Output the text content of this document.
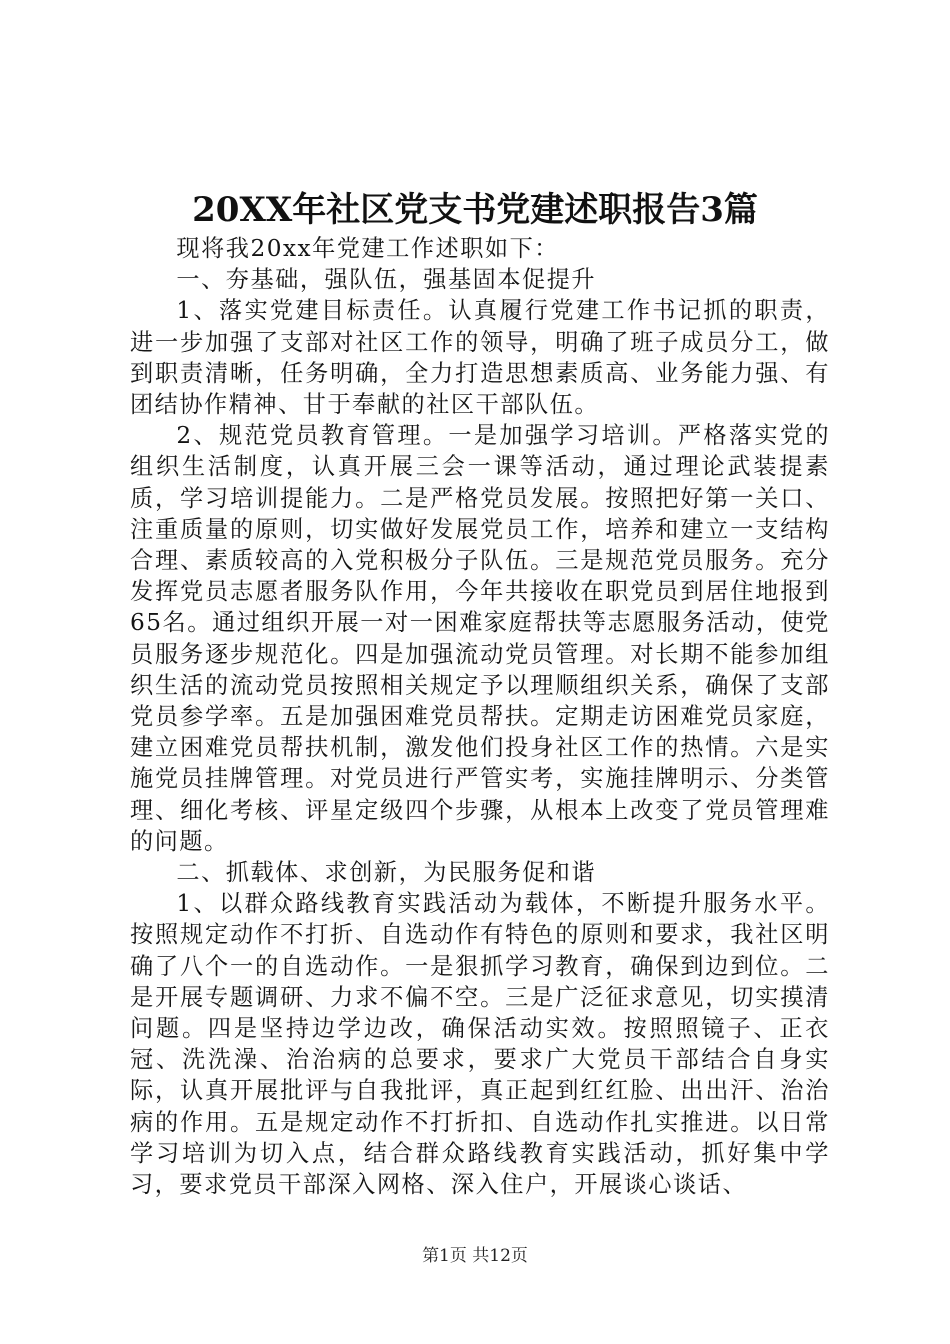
20XX年社区党支书党建述职报告3篇

现将我20xx年党建工作述职如下：

一、夯基础，强队伍，强基固本促提升

1、落实党建目标责任。认真履行党建工作书记抓的职责，进一步加强了支部对社区工作的领导，明确了班子成员分工，做到职责清晰，任务明确，全力打造思想素质高、业务能力强、有团结协作精神、甘于奉献的社区干部队伍。

2、规范党员教育管理。一是加强学习培训。严格落实党的组织生活制度，认真开展三会一课等活动，通过理论武装提素质，学习培训提能力。二是严格党员发展。按照把好第一关口、注重质量的原则，切实做好发展党员工作，培养和建立一支结构合理、素质较高的入党积极分子队伍。三是规范党员服务。充分发挥党员志愿者服务队作用，今年共接收在职党员到居住地报到65名。通过组织开展一对一困难家庭帮扶等志愿服务活动，使党员服务逐步规范化。四是加强流动党员管理。对长期不能参加组织生活的流动党员按照相关规定予以理顺组织关系，确保了支部党员参学率。五是加强困难党员帮扶。定期走访困难党员家庭，建立困难党员帮扶机制，激发他们投身社区工作的热情。六是实施党员挂牌管理。对党员进行严管实考，实施挂牌明示、分类管理、细化考核、评星定级四个步骤，从根本上改变了党员管理难的问题。

二、抓载体、求创新，为民服务促和谐

1、以群众路线教育实践活动为载体，不断提升服务水平。按照规定动作不打折、自选动作有特色的原则和要求，我社区明确了八个一的自选动作。一是狠抓学习教育，确保到边到位。二是开展专题调研、力求不偏不空。三是广泛征求意见，切实摸清问题。四是坚持边学边改，确保活动实效。按照照镜子、正衣冠、洗洗澡、治治病的总要求，要求广大党员干部结合自身实际，认真开展批评与自我批评，真正起到红红脸、出出汗、治治病的作用。五是规定动作不打折扣、自选动作扎实推进。以日常学习培训为切入点，结合群众路线教育实践活动，抓好集中学习，要求党员干部深入网格、深入住户，开展谈心谈话、

第1页 共12页
